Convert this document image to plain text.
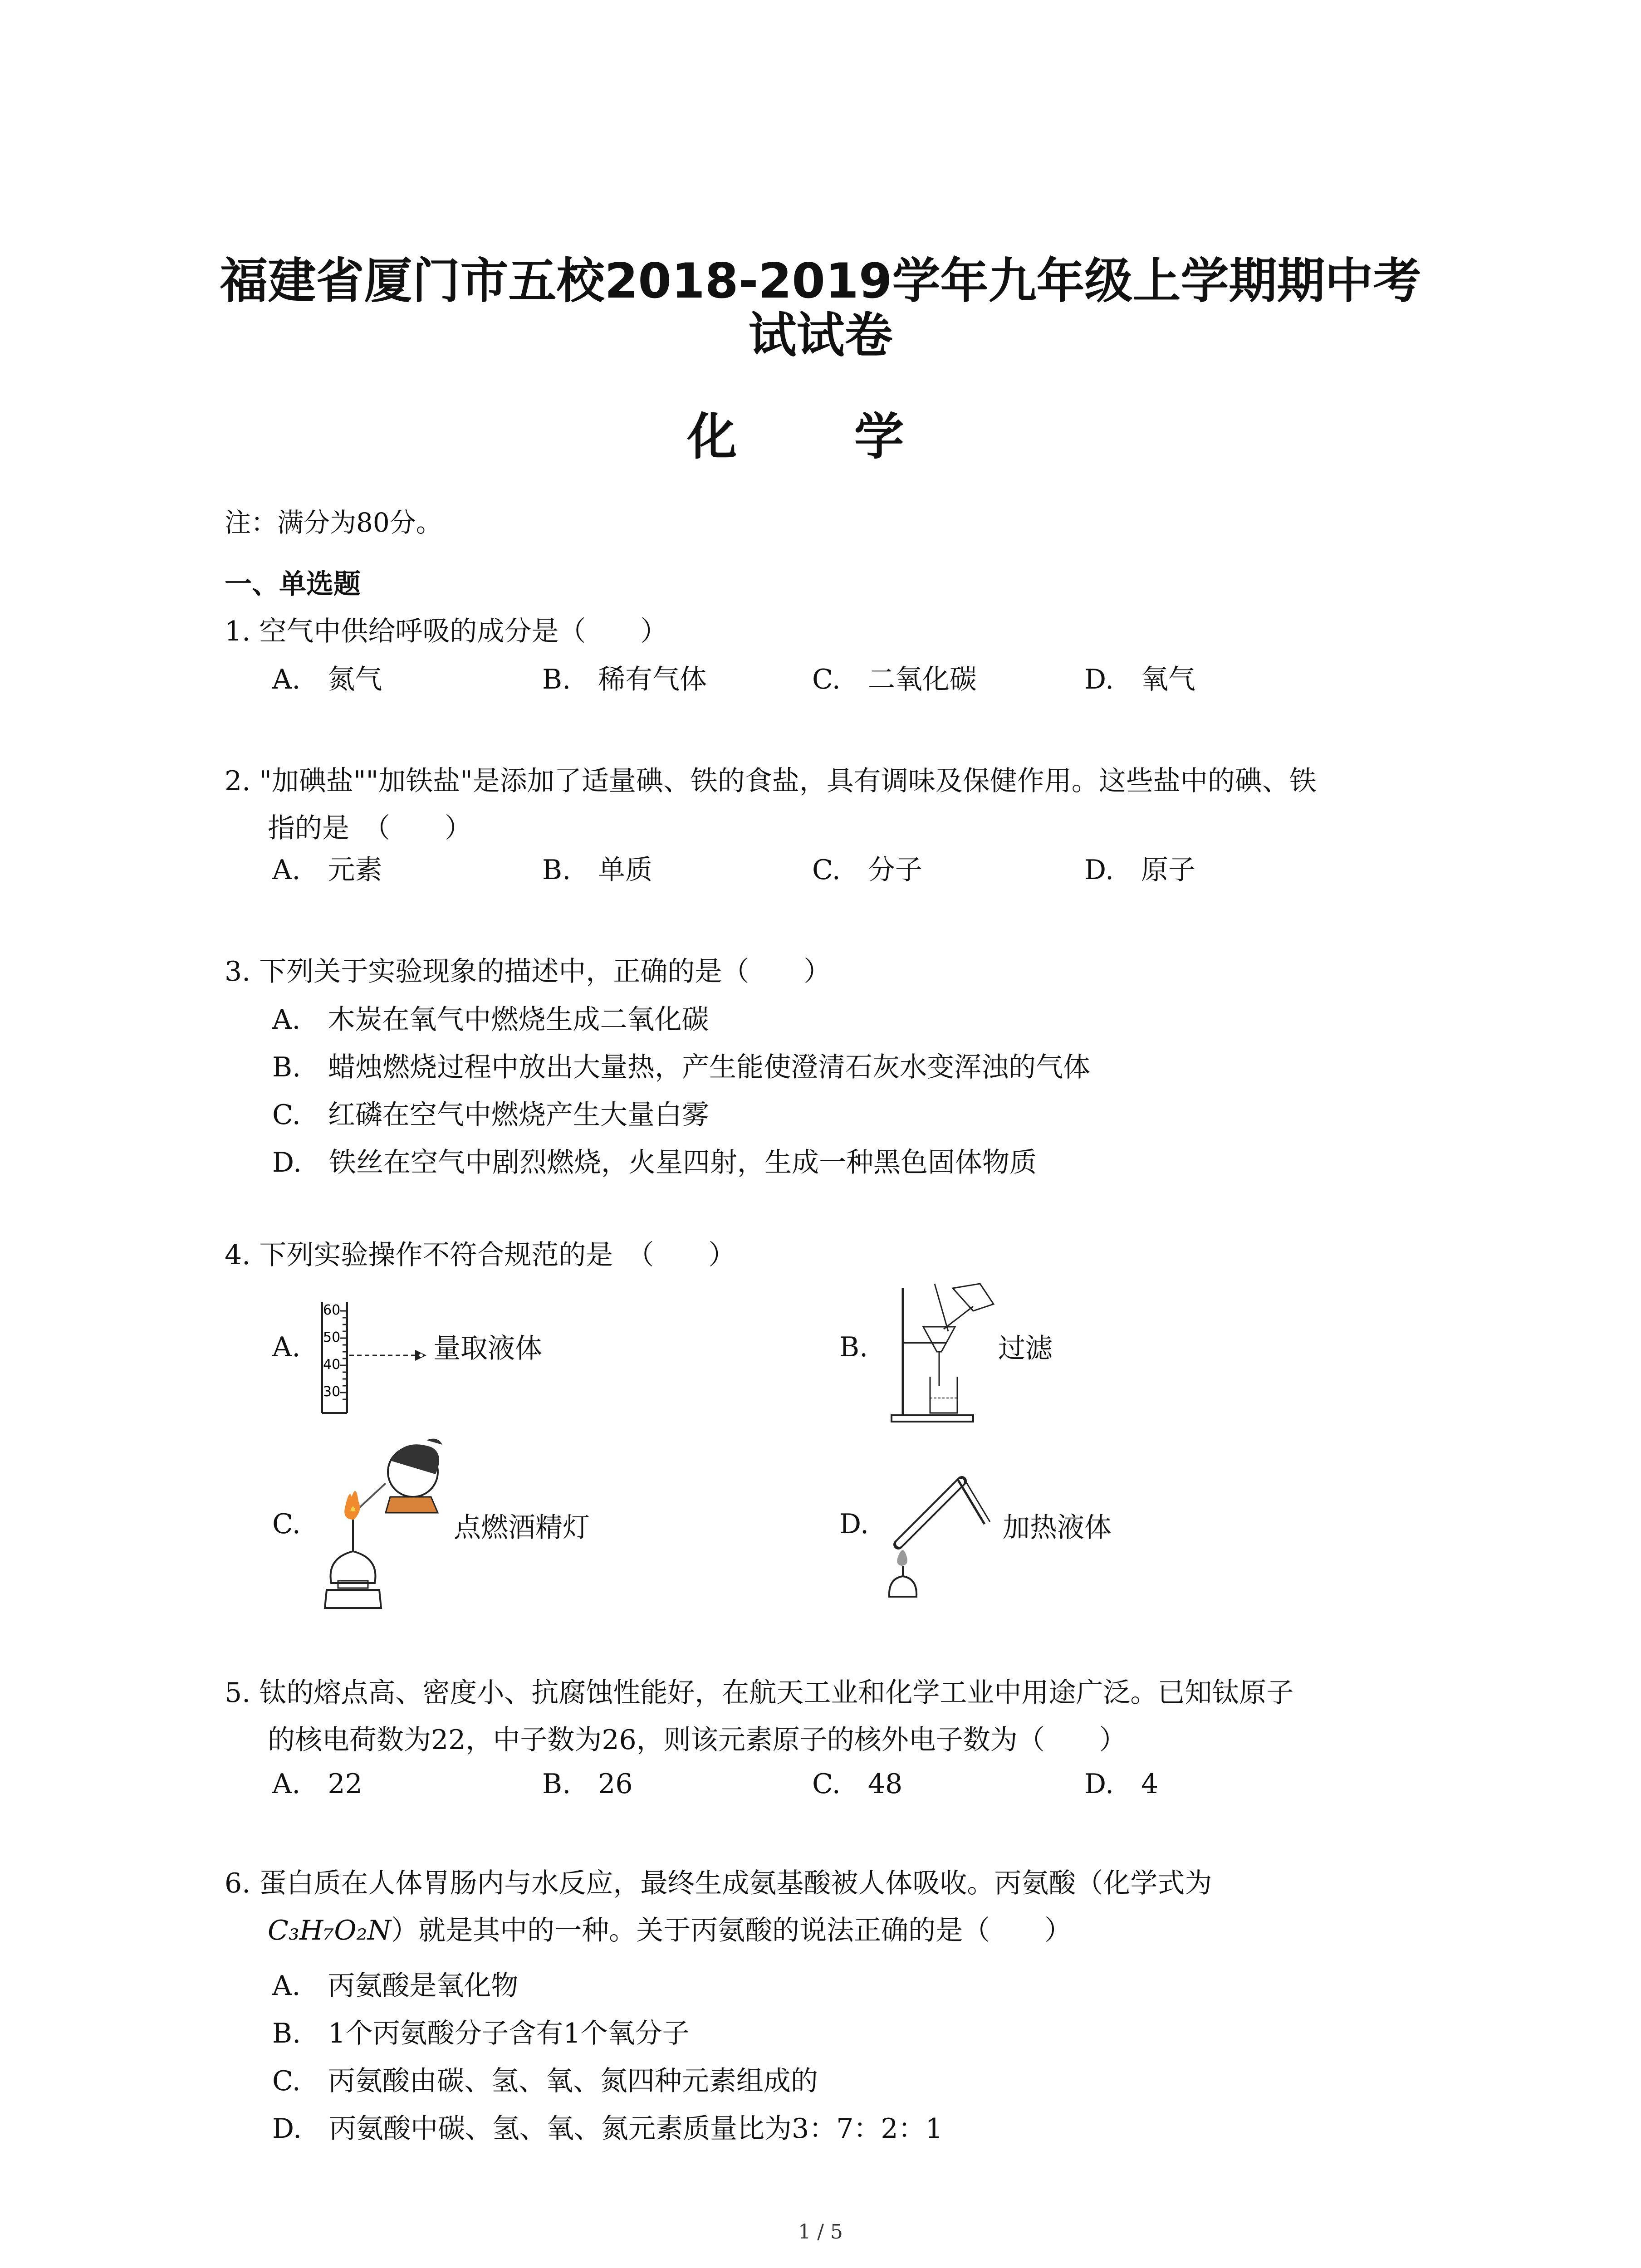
福建省厦门市五校2018-2019学年九年级上学期期中考
试试卷
化 学
注：满分为80分。
一、单选题
1. 空气中供给呼吸的成分是（　　）
A.　氮气	B.　稀有气体	C.　二氧化碳	D.　氧气
2. "加碘盐""加铁盐"是添加了适量碘、铁的食盐，具有调味及保健作用。这些盐中的碘、铁
指的是　（　　）
A.　元素	B.　单质	C.　分子	D.　原子
3. 下列关于实验现象的描述中，正确的是（　　）
A.　木炭在氧气中燃烧生成二氧化碳
B.　蜡烛燃烧过程中放出大量热，产生能使澄清石灰水变浑浊的气体
C.　红磷在空气中燃烧产生大量白雾
D.　铁丝在空气中剧烈燃烧，火星四射，生成一种黑色固体物质
4. 下列实验操作不符合规范的是　（　　）
A.
60
50
40
30
量取液体	B.	过滤
C.	点燃酒精灯	D.	加热液体
5. 钛的熔点高、密度小、抗腐蚀性能好，在航天工业和化学工业中用途广泛。已知钛原子
的核电荷数为22，中子数为26，则该元素原子的核外电子数为（　　）
A.　22	B.　26	C.　48	D.　4
6. 蛋白质在人体胃肠内与水反应，最终生成氨基酸被人体吸收。丙氨酸（化学式为
C₃H₇O₂N）就是其中的一种。关于丙氨酸的说法正确的是（　　）
A.　丙氨酸是氧化物
B.　1个丙氨酸分子含有1个氧分子
C.　丙氨酸由碳、氢、氧、氮四种元素组成的
D.　丙氨酸中碳、氢、氧、氮元素质量比为3：7：2：1
1 / 5
